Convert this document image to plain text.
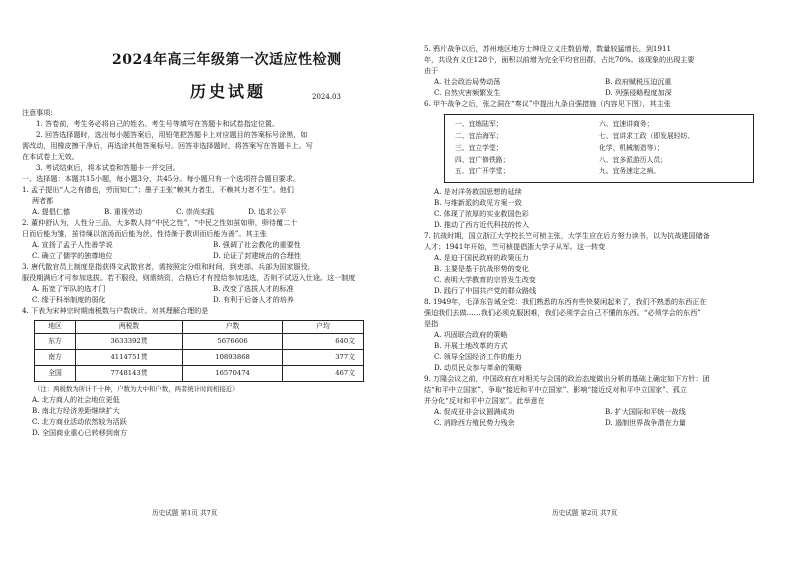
2024年高三年级第一次适应性检测
历史试题	2024.03
注意事项:
1. 答卷前，考生务必将自己的姓名、考生号等填写在答题卡和试卷指定位置。
2. 回答选择题时，选出每小题答案后，用铅笔把答题卡上对应题目的答案标号涂黑，如
需改动，用橡皮擦干净后，再选涂其他答案标号。回答非选择题时，将答案写在答题卡上。写
在本试卷上无效。
3. 考试结束后，将本试卷和答题卡一并交回。
一、选择题：本题共15小题，每小题3分，共45分。每小题只有一个选项符合题目要求。
1. 孟子提出“人之有德也，劳而知仁”；墨子主张“赖其力者生，不赖其力者不生”。他们
两者都
A. 提倡仁德	B. 重视劳动	C. 崇尚实践	D. 追求公平
2. 董仲舒认为，人性分三品，大多数人持“中民之性”，“中民之性如茧如卵，卵待覆二十
日而后能为雏，茧待缫以涫汤而后能为丝。性待渐于教训而后能为善”。其主张
A. 宣扬了孟子人性善学说	B. 强调了社会教化的重要性
C. 确立了儒学的独尊地位	D. 论证了封建统治的合理性
3. 唐代散官员上制度是指获得文武散官者，需按照定分组和时间，到吏部、兵部为国家服役，
服役期满后才可参加选拔。若不服役，则需纳资，合格后才有授给参加选选，否则不试迈入仕途。这一制度
A. 拓宽了军队的选才门	B. 改变了选拔人才的标准
C. 缘于科举制度的弱化	D. 有利于后备人才的培养
4. 下表为宋神宗时期南税数与户数统计。对其理解合理的是
地区	两税数	户数	户均
东方	3633392贯	5676606	640文
南方	4114751贯	10893868	377文
全国	7748143贯	16570474	467文
（注：两税数为所计千十种，户数为大中和户数，两者统计时间相接近）
A. 北方商人的社会地位更低
B. 南北方经济差距继续扩大
C. 北方商业活动依然较为活跃
D. 全国商业重心已转移到南方
历史试题 第1页 共7页
5. 鸦片战争以后，苏州地区地方士绅设立义庄数倍增，数量较猛增长，到1911
年，共设有义庄128个，面积以前增为完全平均官田群，占比70%。该现象的出现主要
由于
A. 社会政治局势动荡	B. 政府赋税压迫沉重
C. 自然灾害频繁发生	D. 列强侵略程度加深
6. 甲午战争之后，张之洞在“奏议”中提出九条自强措施（内容见下图），其主张
一、宜练陆军；
二、宜治海军；
三、宜立学堂；
四、宜广修铁路；
五、宜广开学堂；
六、宜速讲商务；
七、宜讲求工政（即发展轻纺、
化学、机械制造等）；
八、宜多派游历人员；
九、宜务速定之病。
A. 是对洋务救国思想的延续
B. 与维新派的政见方案一致
C. 体现了浓厚的实业救国色彩
D. 推动了西方近代科技的传入
7. 抗战时期，国立浙江大学校长竺可桢主张，大学生应在后方努力读书，以为抗战建国储备
人才；1941年开始，竺可桢提倡浙大学子从军。这一转变
A. 是迫于国民政府的政策压力
B. 主要是基于抗战形势的变化
C. 表明大学教育的宗旨发生改变
D. 践行了中国共产党的群众路线
8. 1949年，毛泽东告诫全党：我们熟悉的东西有些快要闲起来了，我们不熟悉的东西正在
强迫我们去做……我们必须克服困难，我们必须学会自己不懂的东西。“必须学会的东西”
是指
A. 巩固联合政府的策略
B. 开展土地改革的方式
C. 领导全国经济工作的能力
D. 动员民众参与革命的策略
9. 万隆会议之前，中国政府在对相关与会国的政治态度做出分析的基础上确定如下方针：团
结“和平中立国家”、争取“接近和平中立国家”、影响“接近反对和平中立国家”、孤立
并分化“反对和平中立国家”。此举意在
A. 促成亚非会议圆满成功	B. 扩大国际和平统一战线
C. 消除西方殖民势力残余	D. 遏制世界战争潜在力量
历史试题 第2页 共7页
